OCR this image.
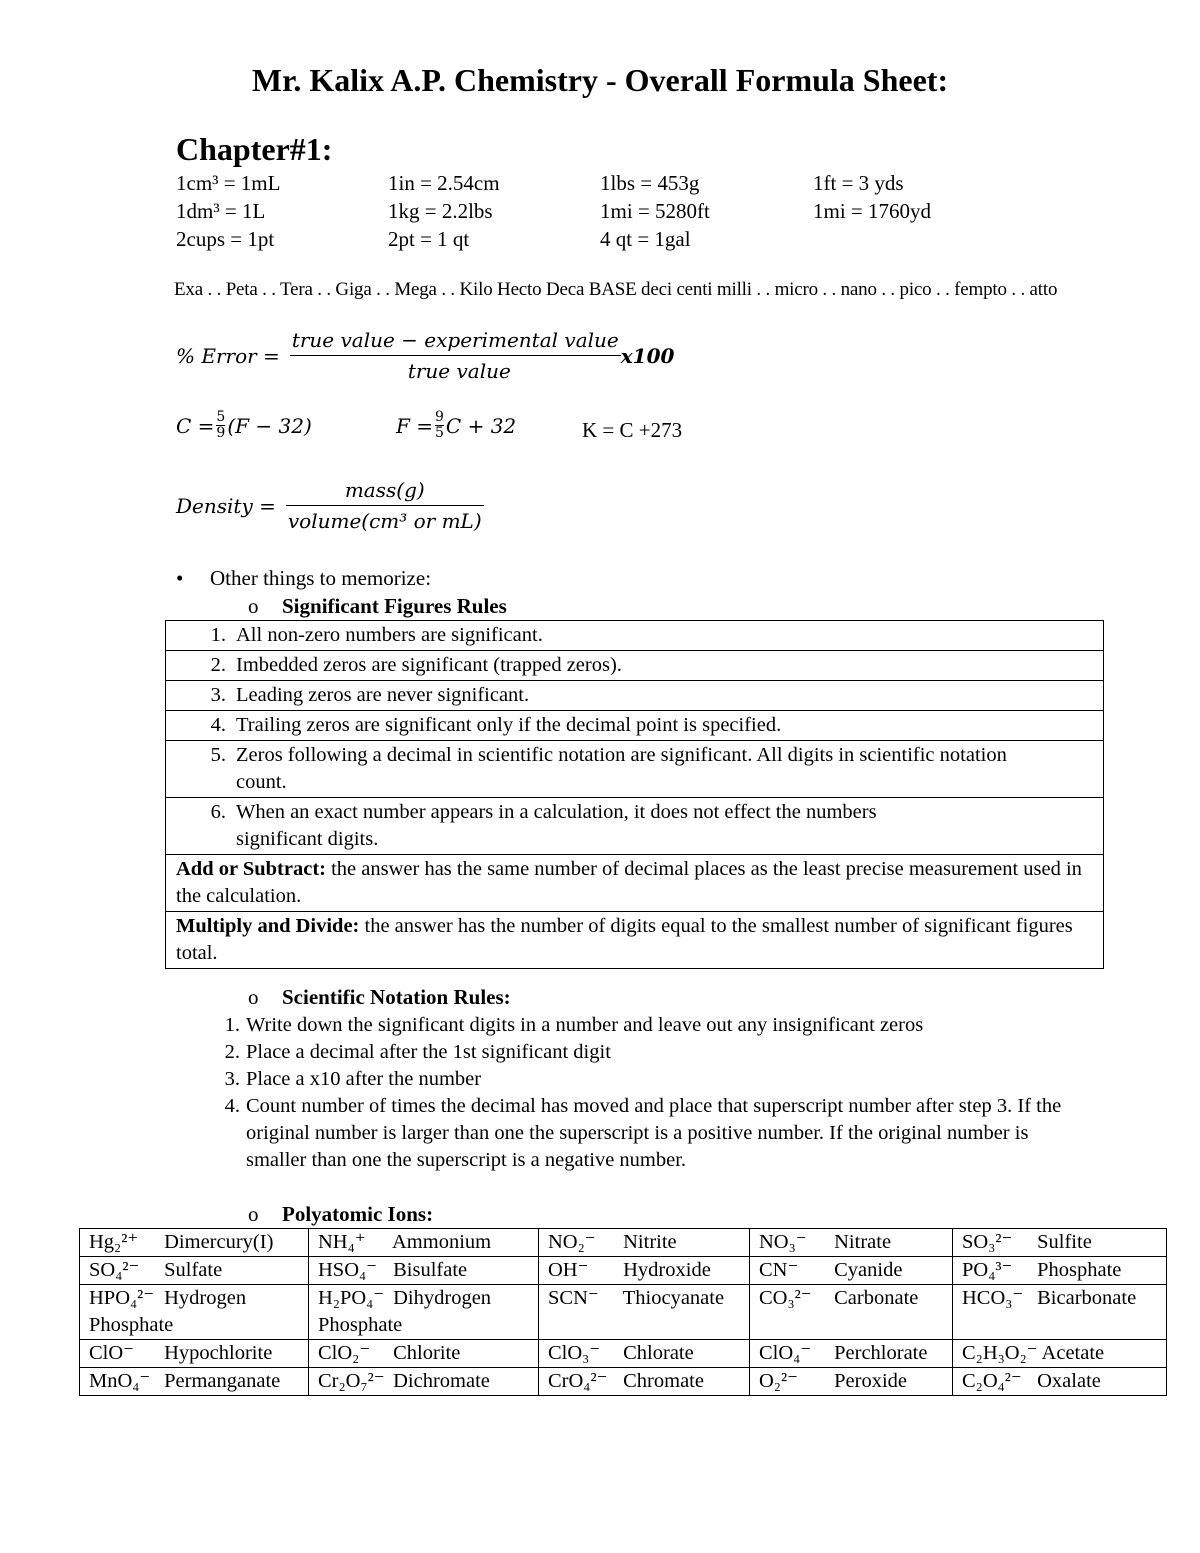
Mr. Kalix A.P. Chemistry - Overall Formula Sheet:
Chapter#1:
1cm³ = 1mL	1in = 2.54cm	1lbs = 453g	1ft = 3 yds
1dm³ = 1L	1kg = 2.2lbs	1mi = 5280ft	1mi = 1760yd
2cups = 1pt	2pt = 1 qt	4 qt = 1gal
Exa . . Peta . . Tera . . Giga . . Mega . . Kilo Hecto Deca BASE deci centi milli . . micro . . nano . . pico . . fempto . . atto
% Error = $\frac{\text{true value − experimental value}}{\text{true value}} x100$
$C = \frac{5}{9} (F - 32)$	$F = \frac{9}{5}$ C + 32	K = C +273
Density = $\frac{\text{mass(g)}}{\text{volume(cm³ or mL)}}$
• Other things to memorize:
o Significant Figures Rules
1. All non-zero numbers are significant.
2. Imbedded zeros are significant (trapped zeros).
3. Leading zeros are never significant.
4. Trailing zeros are significant only if the decimal point is specified.
5. Zeros following a decimal in scientific notation are significant. All digits in scientific notation count.
6. When an exact number appears in a calculation, it does not effect the numbers significant digits.
Add or Subtract: the answer has the same number of decimal places as the least precise measurement used in the calculation.
Multiply and Divide: the answer has the number of digits equal to the smallest number of significant figures total.
o Scientific Notation Rules:
1. Write down the significant digits in a number and leave out any insignificant zeros
2. Place a decimal after the 1st significant digit
3. Place a x10 after the number
4. Count number of times the decimal has moved and place that superscript number after step 3. If the original number is larger than one the superscript is a positive number. If the original number is smaller than one the superscript is a negative number.
o Polyatomic Ions:
Hg₂²⁺ Dimercury(I)	NH₄⁺ Ammonium	NO₂⁻ Nitrite	NO₃⁻ Nitrate	SO₃²⁻ Sulfite
SO₄²⁻ Sulfate	HSO₄⁻ Bisulfate	OH⁻ Hydroxide	CN⁻ Cyanide	PO₄³⁻ Phosphate
HPO₄²⁻ Hydrogen Phosphate	H₂PO₄⁻ Dihydrogen Phosphate	SCN⁻ Thiocyanate	CO₃²⁻ Carbonate	HCO₃⁻ Bicarbonate
ClO⁻ Hypochlorite	ClO₂⁻ Chlorite	ClO₃⁻ Chlorate	ClO₄⁻ Perchlorate	C₂H₃O₂⁻ Acetate
MnO₄⁻ Permanganate	Cr₂O₇²⁻ Dichromate	CrO₄²⁻ Chromate	O₂²⁻ Peroxide	C₂O₄²⁻ Oxalate
